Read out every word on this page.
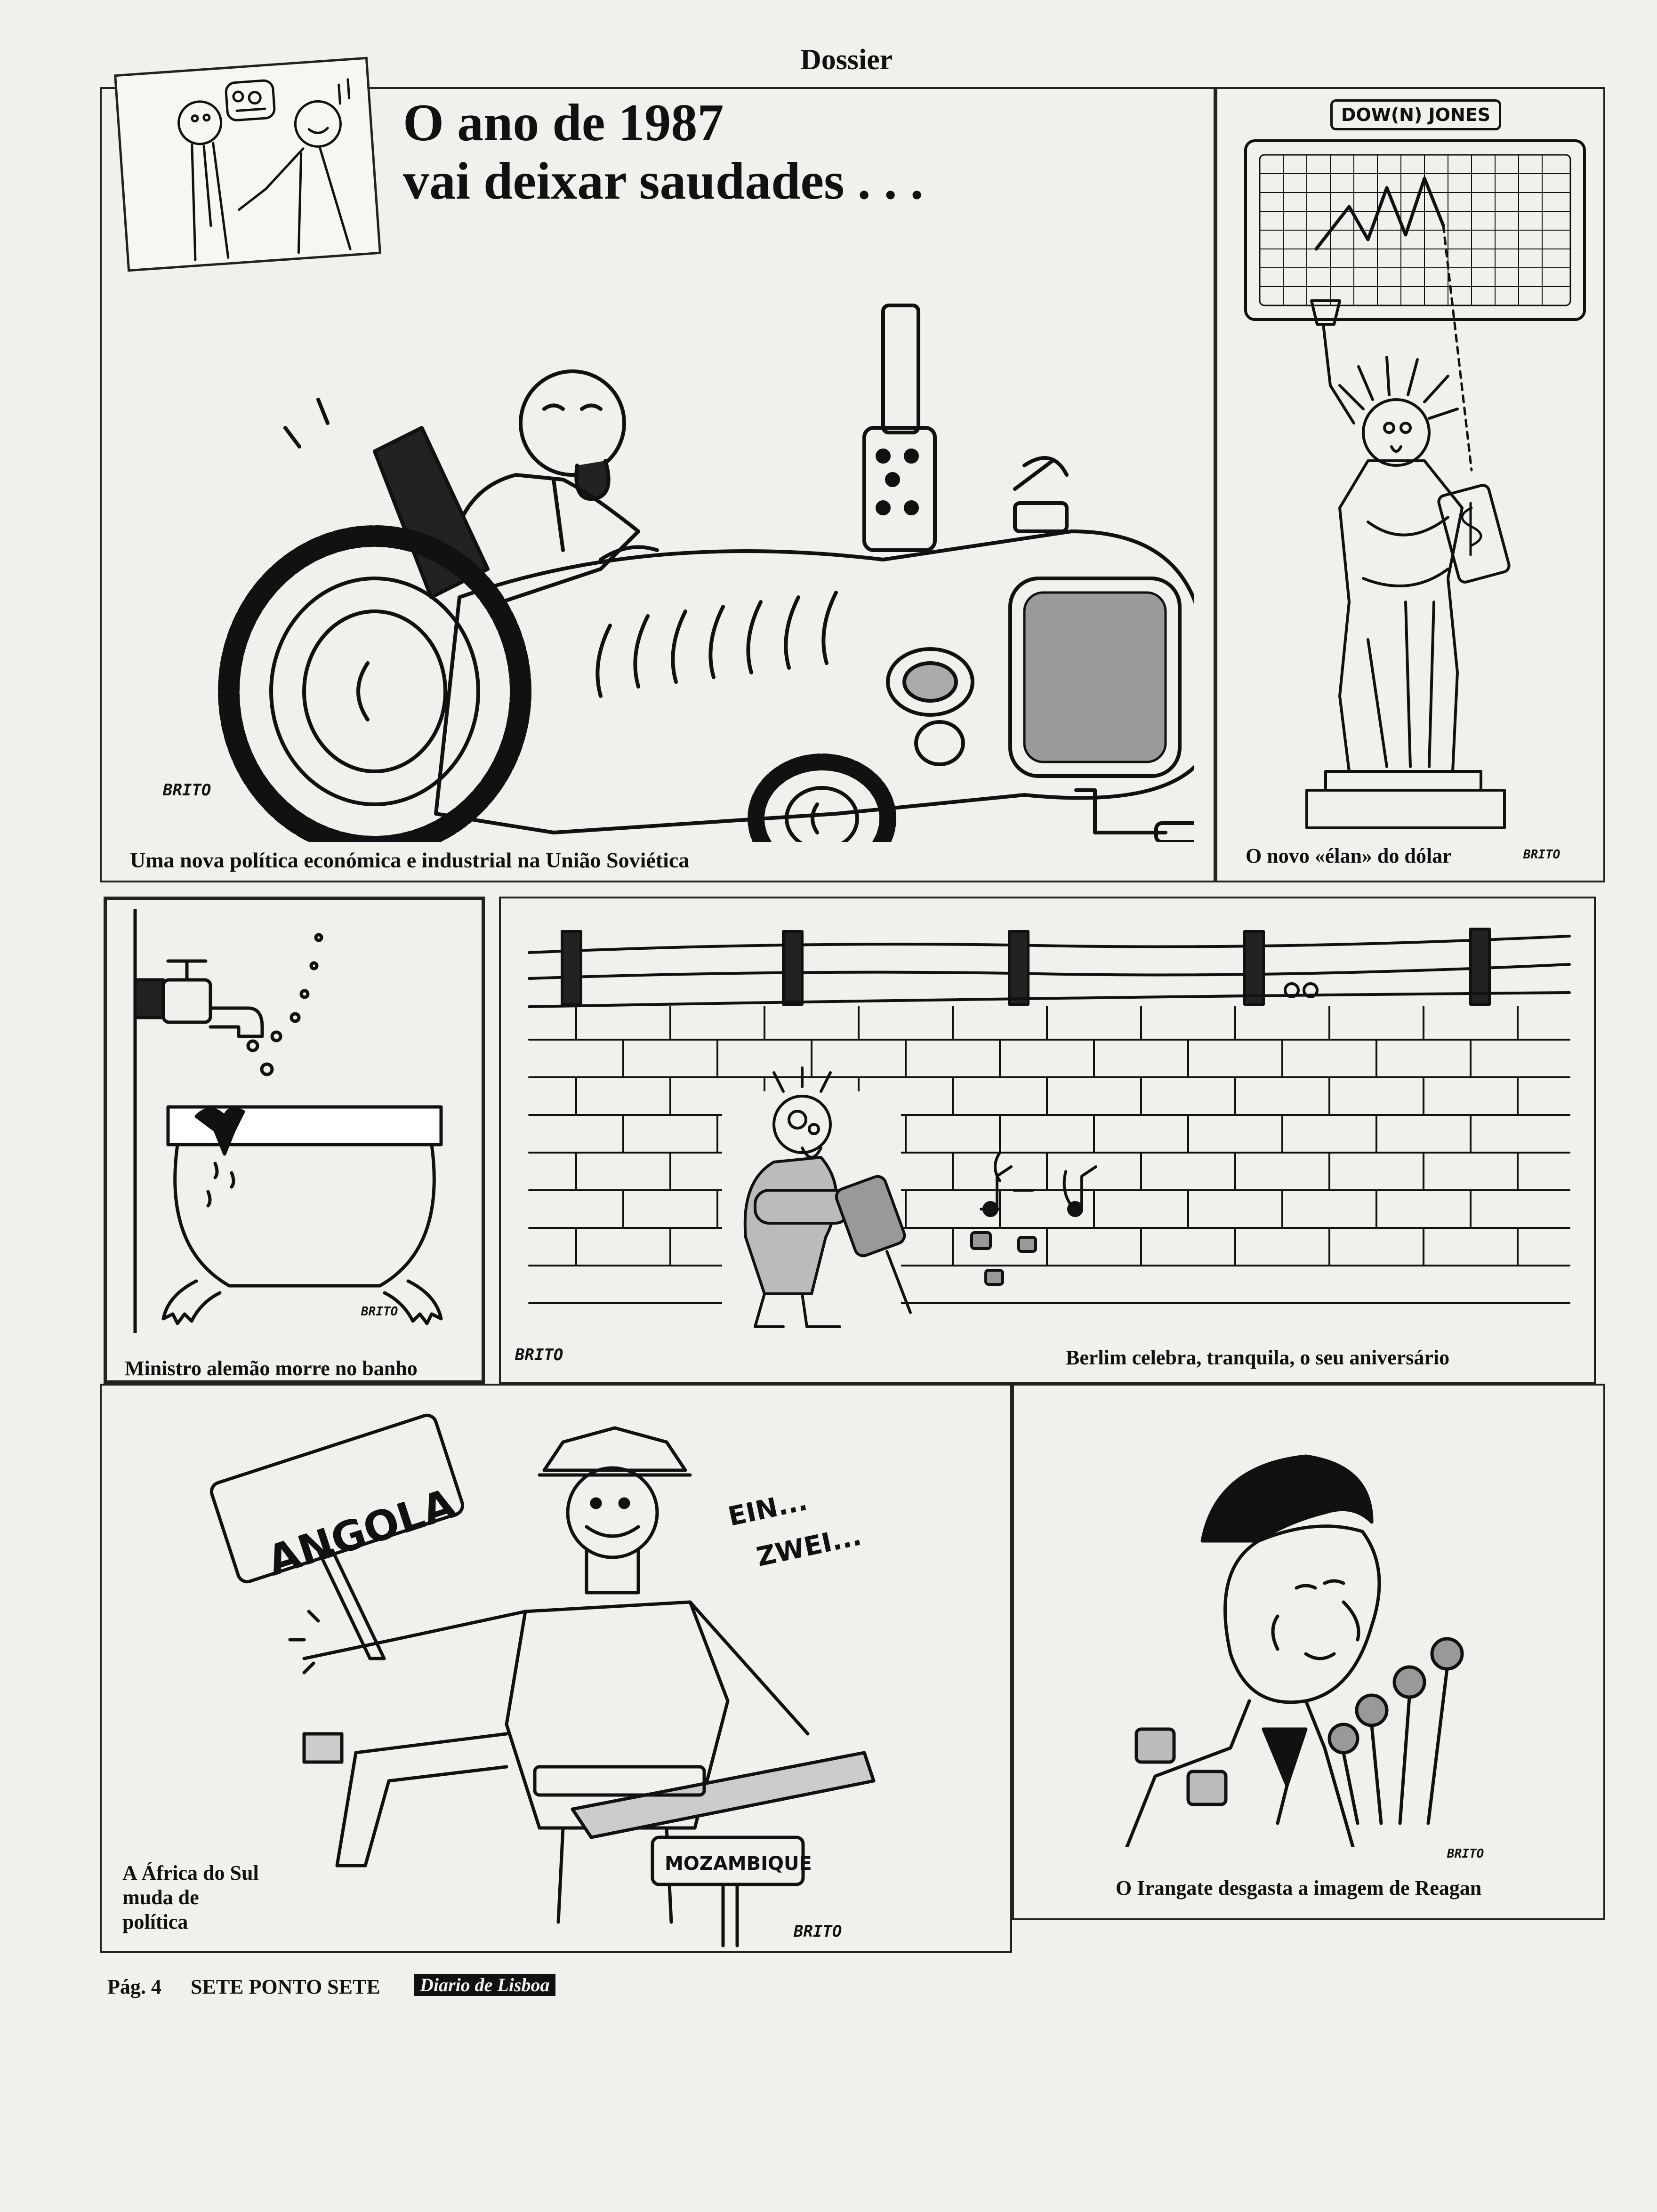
Dossier
O ano de 1987
vai deixar saudades . . .
BRITO
Uma nova política económica e industrial na União Soviética
DOW(N) JONES
O novo «élan» do dólar	BRITO
BRITO
Ministro alemão morre no banho
BRITO	Berlim celebra, tranquila, o seu aniversário
ANGOLA	EIN...
ZWEI...
MOZAMBIQUE
A África do Sul
muda de
política	BRITO
BRITO
O Irangate desgasta a imagem de Reagan
Pág. 4 SETE PONTO SETE	Diario de Lisboa
